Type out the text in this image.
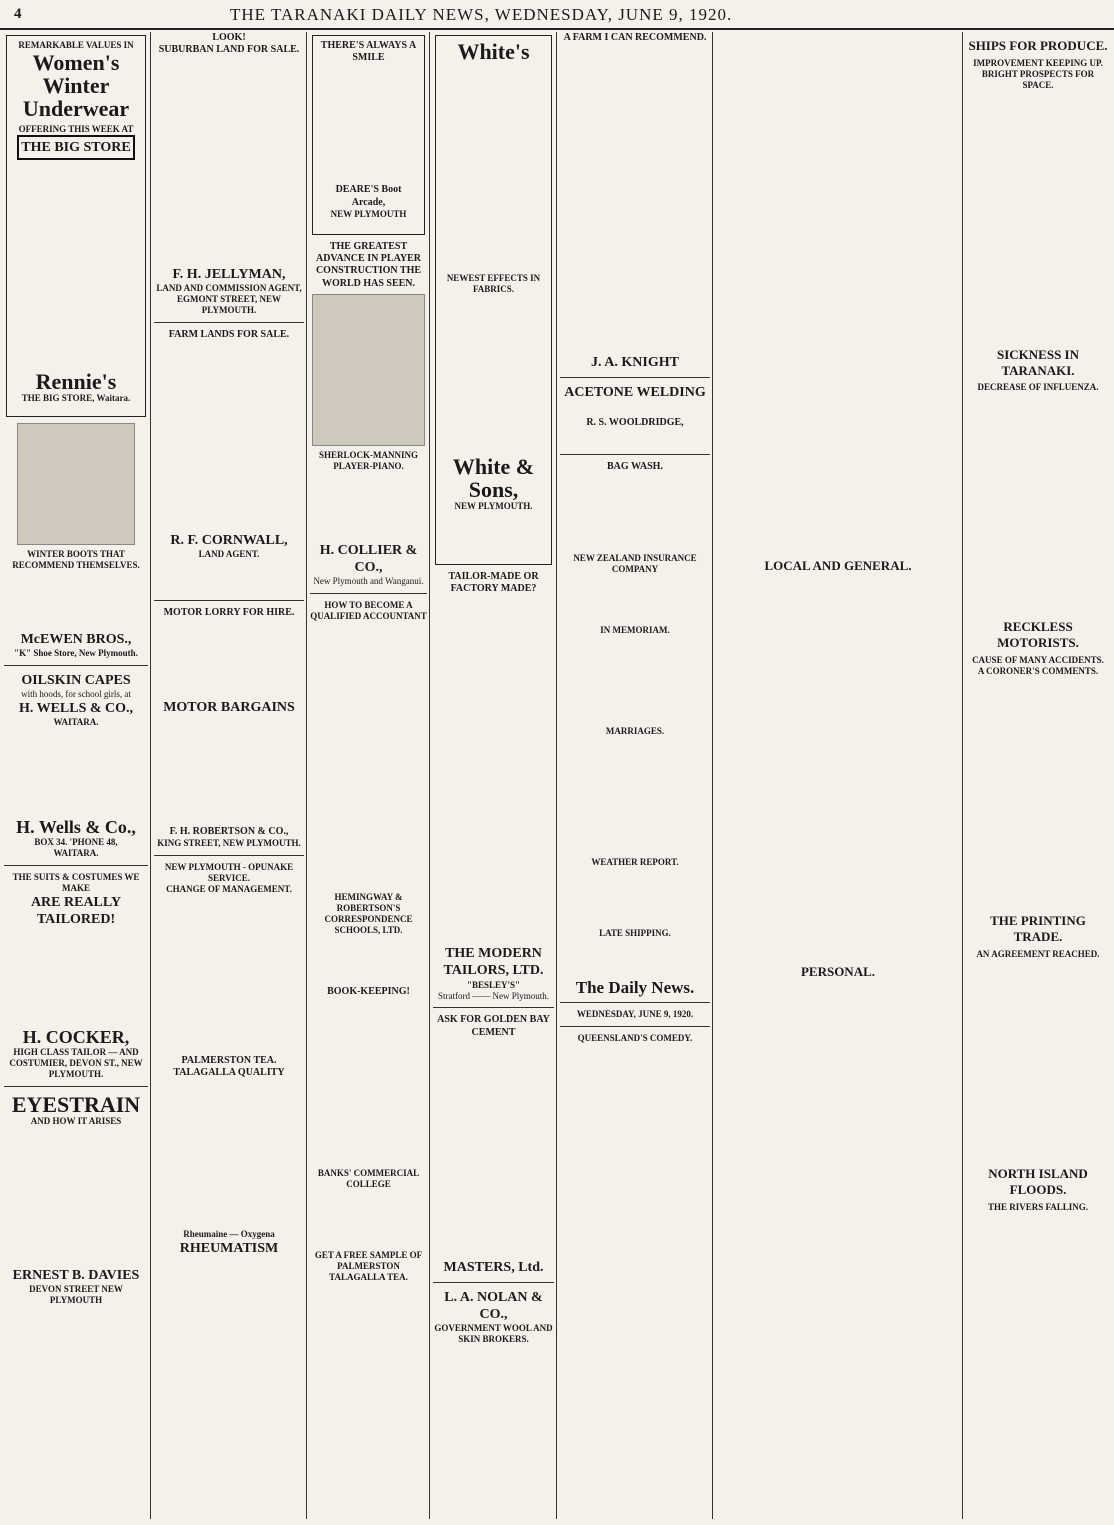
4	THE TARANAKI DAILY NEWS, WEDNESDAY, JUNE 9, 1920.
REMARKABLE VALUES IN
Women's Winter Underwear
OFFERING THIS WEEK AT
THE BIG STORE
Rennie's
THE BIG STORE, Waitara.
WINTER BOOTS THAT RECOMMEND THEMSELVES.
McEWEN BROS.,
"K" Shoe Store, New Plymouth.
OILSKIN CAPES
with hoods, for school girls, at
H. WELLS & CO.,
WAITARA.
H. Wells & Co.,
BOX 34. 'PHONE 48,
WAITARA.
THE SUITS & COSTUMES WE MAKE
ARE REALLY TAILORED!
H. COCKER,
HIGH CLASS TAILOR — AND COSTUMIER, DEVON ST., NEW PLYMOUTH.
EYESTRAIN
AND HOW IT ARISES
ERNEST B. DAVIES
DEVON STREET NEW PLYMOUTH
LOOK!
SUBURBAN LAND FOR SALE.
F. H. JELLYMAN,
LAND AND COMMISSION AGENT, EGMONT STREET, NEW PLYMOUTH.
FARM LANDS FOR SALE.
R. F. CORNWALL,
LAND AGENT.
MOTOR LORRY FOR HIRE.
MOTOR BARGAINS
F. H. ROBERTSON & CO.,
KING STREET, NEW PLYMOUTH.
NEW PLYMOUTH - OPUNAKE SERVICE.
CHANGE OF MANAGEMENT.
PALMERSTON TEA.
TALAGALLA QUALITY
Rheumaine — Oxygena
RHEUMATISM
THERE'S ALWAYS A SMILE
DEARE'S Boot Arcade,
NEW PLYMOUTH
THE GREATEST ADVANCE IN PLAYER CONSTRUCTION THE WORLD HAS SEEN.
SHERLOCK-MANNING PLAYER-PIANO.
H. COLLIER & CO.,
New Plymouth and Wanganui.
HOW TO BECOME A QUALIFIED ACCOUNTANT
HEMINGWAY & ROBERTSON'S CORRESPONDENCE SCHOOLS, LTD.
BOOK-KEEPING!
BANKS' COMMERCIAL COLLEGE
GET A FREE SAMPLE OF PALMERSTON TALAGALLA TEA.
White's
NEWEST EFFECTS IN FABRICS.
White & Sons,
NEW PLYMOUTH.
TAILOR-MADE OR FACTORY MADE?
THE MODERN TAILORS, LTD.
"BESLEY'S"
Stratford —— New Plymouth.
ASK FOR GOLDEN BAY CEMENT
MASTERS, Ltd.
L. A. NOLAN & CO.,
GOVERNMENT WOOL AND SKIN BROKERS.
A FARM I CAN RECOMMEND.
J. A. KNIGHT
ACETONE WELDING
R. S. WOOLDRIDGE,
BAG WASH.
NEW ZEALAND INSURANCE COMPANY
IN MEMORIAM.
MARRIAGES.
WEATHER REPORT.
LATE SHIPPING.
The Daily News.
WEDNESDAY, JUNE 9, 1920.
QUEENSLAND'S COMEDY.
LOCAL AND GENERAL.
PERSONAL.
SHIPS FOR PRODUCE.
IMPROVEMENT KEEPING UP. BRIGHT PROSPECTS FOR SPACE.
SICKNESS IN TARANAKI.
DECREASE OF INFLUENZA.
RECKLESS MOTORISTS.
CAUSE OF MANY ACCIDENTS.
A CORONER'S COMMENTS.
THE PRINTING TRADE.
AN AGREEMENT REACHED.
NORTH ISLAND FLOODS.
THE RIVERS FALLING.
